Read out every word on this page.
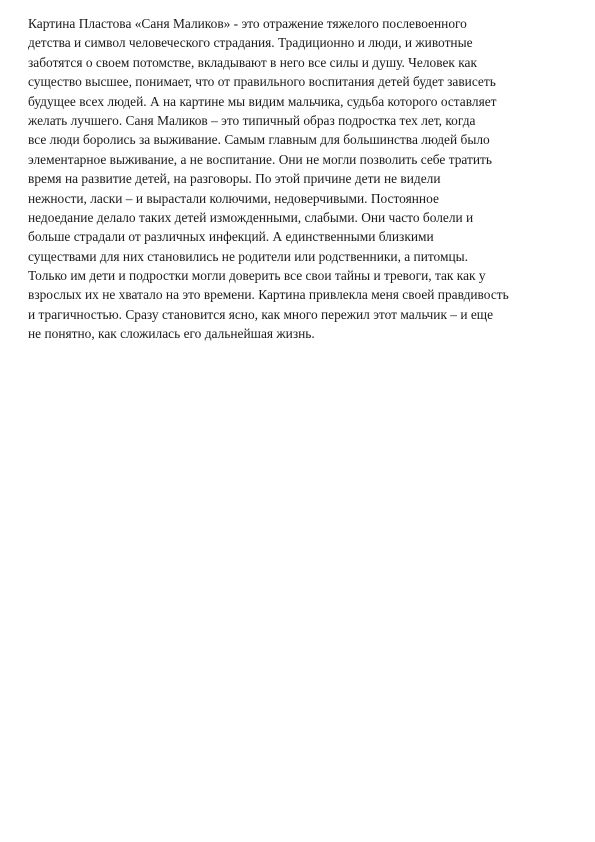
Картина Пластова «Саня Маликов» - это отражение тяжелого послевоенного
детства и символ человеческого страдания. Традиционно и люди, и животные
заботятся о своем потомстве, вкладывают в него все силы и душу. Человек как
существо высшее, понимает, что от правильного воспитания детей будет зависеть
будущее всех людей. А на картине мы видим мальчика, судьба которого оставляет
желать лучшего. Саня Маликов – это типичный образ подростка тех лет, когда
все люди боролись за выживание. Самым главным для большинства людей было
элементарное выживание, а не воспитание. Они не могли позволить себе тратить
время на развитие детей, на разговоры. По этой причине дети не видели
нежности, ласки – и вырастали колючими, недоверчивыми. Постоянное
недоедание делало таких детей изможденными, слабыми. Они часто болели и
больше страдали от различных инфекций. А единственными близкими
существами для них становились не родители или родственники, а питомцы.
Только им дети и подростки могли доверить все свои тайны и тревоги, так как у
взрослых их не хватало на это времени. Картина привлекла меня своей правдивость
и трагичностью. Сразу становится ясно, как много пережил этот мальчик – и еще
не понятно, как сложилась его дальнейшая жизнь.
